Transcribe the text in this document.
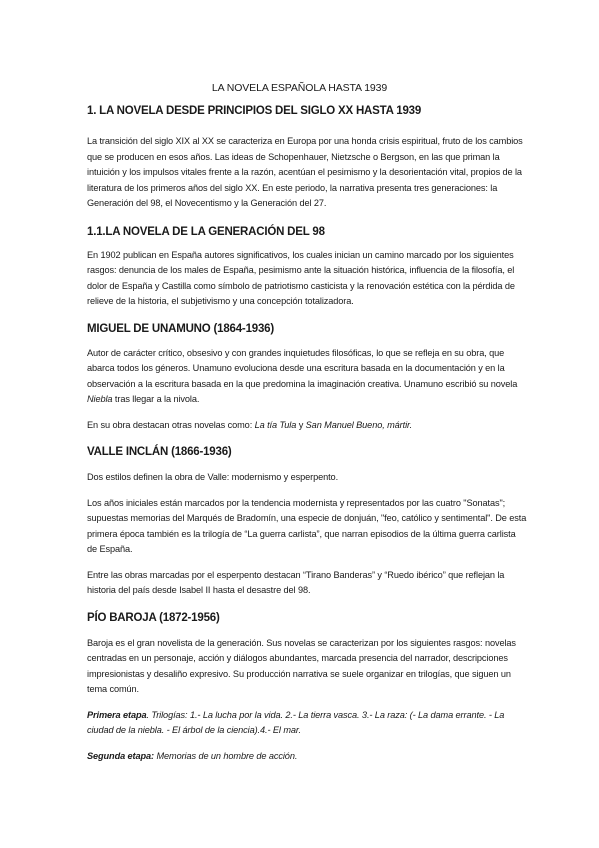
LA NOVELA ESPAÑOLA HASTA 1939
1. LA NOVELA DESDE PRINCIPIOS DEL SIGLO XX HASTA 1939

La transición del siglo XIX al XX se caracteriza en Europa por una honda crisis espiritual, fruto de los cambios que se producen en esos años. Las ideas de Schopenhauer, Nietzsche o Bergson, en las que priman la intuición y los impulsos vitales frente a la razón, acentúan el pesimismo y la desorientación vital, propios de la literatura de los primeros años del siglo XX. En este periodo, la narrativa presenta tres generaciones: la Generación del 98, el Novecentismo y la Generación del 27.

1.1.LA NOVELA DE LA GENERACIÓN DEL 98

En 1902 publican en España autores significativos, los cuales inician un camino marcado por los siguientes rasgos: denuncia de los males de España, pesimismo ante la situación histórica, influencia de la filosofía, el dolor de España y Castilla como símbolo de patriotismo casticista y la renovación estética con la pérdida de relieve de la historia, el subjetivismo y una concepción totalizadora.

MIGUEL DE UNAMUNO (1864-1936)

Autor de carácter crítico, obsesivo y con grandes inquietudes filosóficas, lo que se refleja en su obra, que abarca todos los géneros. Unamuno evoluciona desde una escritura basada en la documentación y en la observación a la escritura basada en la que predomina la imaginación creativa. Unamuno escribió su novela Niebla tras llegar a la nivola.

En su obra destacan otras novelas como: La tía Tula y San Manuel Bueno, mártir.

VALLE INCLÁN (1866-1936)

Dos estilos definen la obra de Valle: modernismo y esperpento.

Los años iniciales están marcados por la tendencia modernista y representados por las cuatro "Sonatas"; supuestas memorias del Marqués de Bradomín, una especie de donjuán, "feo, católico y sentimental". De esta primera época también es la trilogía de “La guerra carlista”, que narran episodios de la última guerra carlista de España.

Entre las obras marcadas por el esperpento destacan “Tirano Banderas” y “Ruedo ibérico” que reflejan la historia del país desde Isabel II hasta el desastre del 98.

PÍO BAROJA (1872-1956)

Baroja es el gran novelista de la generación. Sus novelas se caracterizan por los siguientes rasgos: novelas centradas en un personaje, acción y diálogos abundantes, marcada presencia del narrador, descripciones impresionistas y desaliño expresivo. Su producción narrativa se suele organizar en trilogías, que siguen un tema común.

Primera etapa. Trilogías: 1.- La lucha por la vida. 2.- La tierra vasca. 3.- La raza: (- La dama errante. - La ciudad de la niebla. - El árbol de la ciencia).4.- El mar.

Segunda etapa: Memorias de un hombre de acción.
